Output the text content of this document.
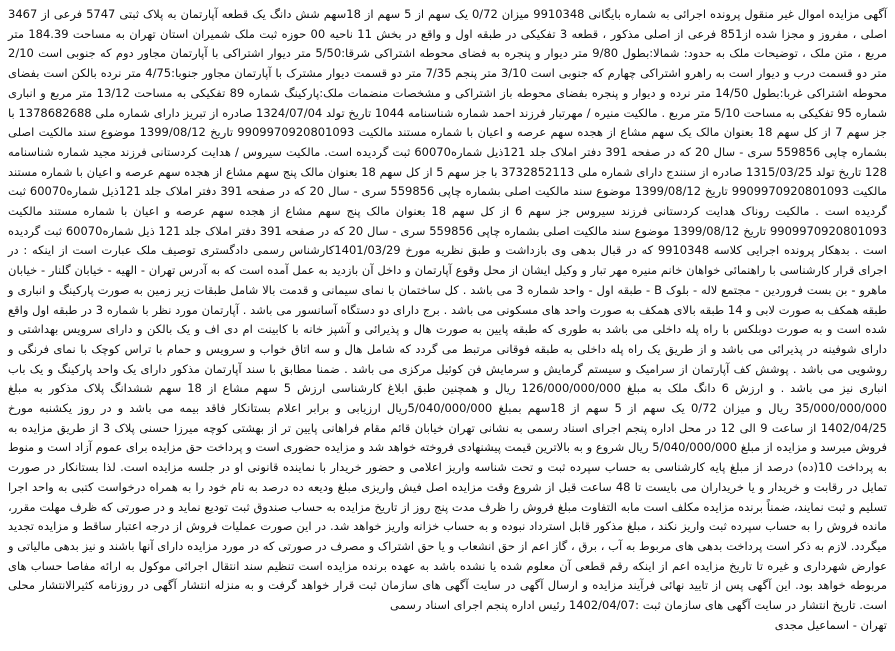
آگهی مزایده اموال غیر منقول پرونده اجرائی به شماره بایگانی 9910348 میزان 0/72 یک سهم از 5 سهم از 18سهم شش دانگ یک قطعه آپارتمان به پلاک ثبتی 5747 فرعی از 3467 اصلی ، مفروز و مجزا شده از851 فرعی از اصلی مذکور ، قطعه 3 تفکیکی در طبقه اول و واقع در بخش 11 ناحیه 00 حوزه ثبت ملک شمیران استان تهران به مساحت 184.39 متر مربع ، متن ملک ، توضیحات ملک به حدود: شمالا:بطول 9/80 متر دیوار و پنجره به فضای محوطه اشتراکی شرقا:5/50 متر دیوار اشتراکی با آپارتمان مجاور دوم که جنوبی است 2/10 متر دو قسمت درب و دیوار است به راهرو اشتراکی چهارم که جنوبی است 3/10 متر پنجم 7/35 متر دو قسمت دیوار مشترک با آپارتمان مجاور جنوبا:4/75 متر نرده بالکن است بفضای محوطه اشتراکی غربا:بطول 14/50 متر نرده و دیوار و پنجره بفضای محوطه باز اشتراکی و مشخصات منضمات ملک:پارکینگ شماره 89 تفکیکی به مساحت 13/12 متر مربع و انباری شماره 95 تفکیکی به مساحت 5/10 متر مربع . مالکیت منیره / مهرتبار فرزند احمد شماره شناسنامه 1044 تاریخ تولد 1324/07/04 صادره از تبریز دارای شماره ملی 1378682688 با جز سهم 7 از کل سهم 18 بعنوان مالک یک سهم مشاع از هجده سهم عرصه و اعیان با شماره مستند مالکیت 9909970920801093 تاریخ 1399/08/12 موضوع سند مالکیت اصلی بشماره چاپی 559856 سری - سال 20 که در صفحه 391 دفتر املاک جلد 121ذیل شماره60070 ثبت گردیده است. مالکیت سیروس / هدایت کردستانی فرزند مجید شماره شناسنامه 128 تاریخ تولد 1315/03/25 صادره از سنندج دارای شماره ملی 3732852113 با جز سهم 5 از کل سهم 18 بعنوان مالک پنج سهم مشاع از هجده سهم عرصه و اعیان با شماره مستند مالکیت 9909970920801093 تاریخ 1399/08/12 موضوع سند مالکیت اصلی بشماره چاپی 559856 سری - سال 20 که در صفحه 391 دفتر املاک جلد 121ذیل شماره60070 ثبت گردیده است . مالکیت روناک هدایت کردستانی فرزند سیروس جز سهم 6 از کل سهم 18 بعنوان مالک پنج سهم مشاع از هجده سهم عرصه و اعیان با شماره مستند مالکیت 9909970920801093 تاریخ 1399/08/12 موضوع سند مالکیت اصلی بشماره چاپی 559856 سری - سال 20 که در صفحه 391 دفتر املاک جلد 121 ذیل شماره60070 ثبت گردیده است . بدهکار پرونده اجرایی کلاسه 9910348 که در قبال بدهی وی بازداشت و طبق نظریه مورخ 1401/03/29کارشناس رسمی دادگستری توصیف ملک عبارت است از اینکه : در اجرای قرار کارشناسی با راهنمائی خواهان خانم منیره مهر تبار و وکیل ایشان از محل وقوع آپارتمان و داخل آن بازدید به عمل آمده است که به آدرس تهران - الهیه - خیابان گلنار - خیابان ماهرو - بن بست فروردین - مجتمع لاله - بلوک B - طبقه اول - واحد شماره 3 می باشد . کل ساختمان با نمای سیمانی و قدمت بالا شامل طبقات زیر زمین به صورت پارکینگ و انباری و طبقه همکف به صورت لابی و 14 طبقه بالای همکف به صورت واحد های مسکونی می باشد . برج دارای دو دستگاه آسانسور می باشد . آپارتمان مورد نظر با شماره 3 در طبقه اول واقع شده است و به صورت دوبلکس با راه پله داخلی می باشد به طوری که طبقه پایین به صورت هال و پذیرائی و آشپز خانه با کابینت ام دی اف و یک بالکن و دارای سرویس بهداشتی و دارای شوفینه در پذیرائی می باشد و از طریق یک راه پله داخلی به طبقه فوقانی مرتبط می گردد که شامل هال و سه اتاق خواب و سرویس و حمام با تراس کوچک با نمای فرنگی و روشویی می باشد . پوشش کف آپارتمان از سرامیک و سیستم گرمایش و سرمایش فن کوئیل مرکزی می باشد . ضمنا مطابق با سند آپارتمان مذکور دارای یک واحد پارکینگ و یک باب انباری نیز می باشد . و ارزش 6 دانگ ملک به مبلغ 126/000/000/000 ریال و همچنین طبق ابلاغ کارشناسی ارزش 5 سهم مشاع از 18 سهم ششدانگ پلاک مذکور به مبلغ 35/000/000/000 ریال و میزان 0/72 یک سهم از 5 سهم از 18سهم بمبلغ 5/040/000/000ریال ارزیابی و برابر اعلام بستانکار فاقد بیمه می باشد و در روز یکشنبه مورخ 1402/04/25 از ساعت 9 الی 12 در محل اداره پنجم اجرای اسناد رسمی به نشانی تهران خیابان قائم مقام فراهانی پایین تر از بهشتی کوچه میرزا حسنی پلاک 3 از طریق مزایده به فروش میرسد و مزایده از مبلغ 5/040/000/000 ریال شروع و به بالاترین قیمت پیشنهادی فروخته خواهد شد و مزایده حضوری است و پرداخت حق مزایده برای عموم آزاد است و منوط به پرداخت 10(ده) درصد از مبلغ پایه کارشناسی به حساب سپرده ثبت و تحت شناسه واریز اعلامی و حضور خریدار با نماینده قانونی او در جلسه مزایده است. لذا بستانکار در صورت تمایل در رقابت و خریدار و یا خریداران می بایست تا 48 ساعت قبل از شروع وقت مزایده اصل فیش واریزی مبلغ ودیعه ده درصد به نام خود را به همراه درخواست کتبی به واحد اجرا تسلیم و ثبت نمایند، ضمناً برنده مزایده مکلف است مابه التفاوت مبلغ فروش را ظرف مدت پنج روز از تاریخ مزایده به حساب صندوق ثبت تودیع نماید و در صورتی که ظرف مهلت مقرر، مانده فروش را به حساب سپرده ثبت واریز نکند ، مبلغ مذکور قابل استرداد نبوده و به حساب خزانه واریز خواهد شد. در این صورت عملیات فروش از درجه اعتبار ساقط و مزایده تجدید میگردد. لازم به ذکر است پرداخت بدهی های مربوط به آب ، برق ، گاز اعم از حق انشعاب و یا حق اشتراک و مصرف در صورتی که در مورد مزایده دارای آنها باشند و نیز بدهی مالیاتی و عوارض شهرداری و غیره تا تاریخ مزایده اعم از اینکه رقم قطعی آن معلوم شده یا نشده باشد به عهده برنده مزایده است تنظیم سند انتقال اجرائی موکول به ارائه مفاصا حساب های مربوطه خواهد بود. این آگهی پس از تایید نهائی فرآیند مزایده و ارسال آگهی در سایت آگهی های سازمان ثبت قرار خواهد گرفت و به منزله انتشار آگهی در روزنامه کثیرالانتشار محلی است. تاریخ انتشار در سایت آگهی های سازمان ثبت :1402/04/07 رئیس اداره پنجم اجرای اسناد رسمی

تهران - اسماعیل مجدی
